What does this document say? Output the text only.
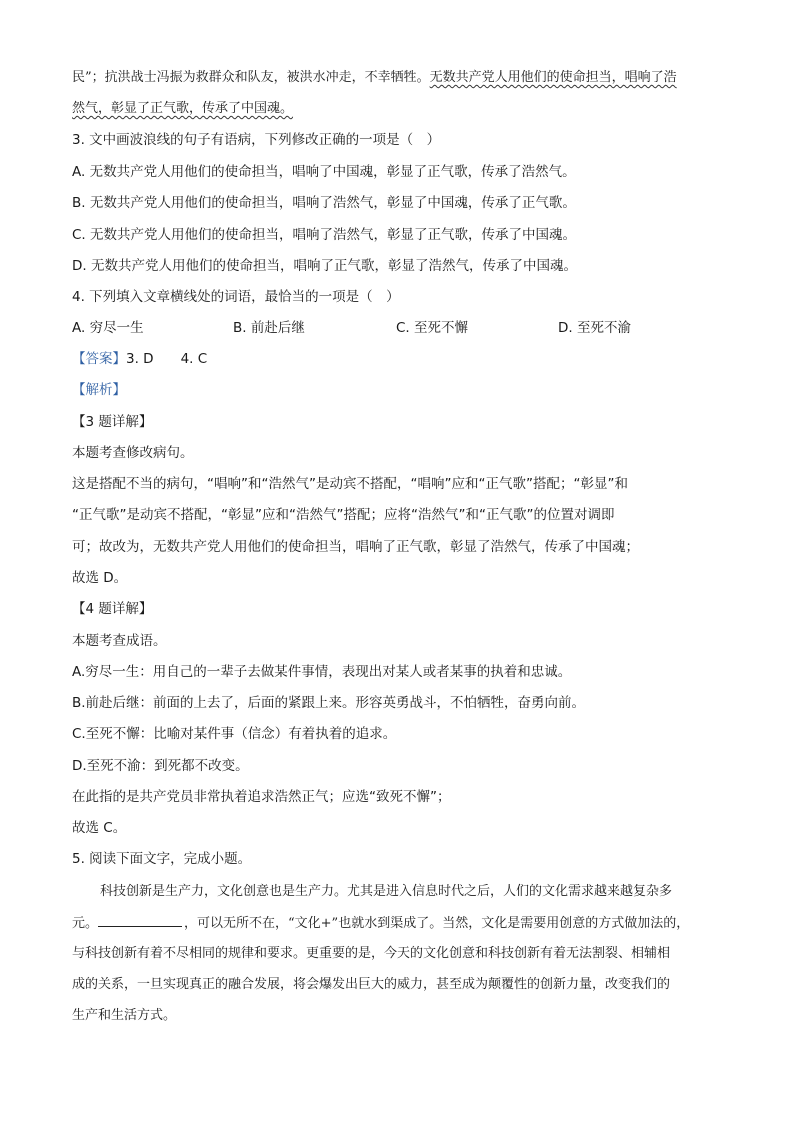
民”；抗洪战士冯振为救群众和队友，被洪水冲走，不幸牺牲。无数共产党人用他们的使命担当，唱响了浩
然气，彰显了正气歌，传承了中国魂。
3. 文中画波浪线的句子有语病，下列修改正确的一项是（　）
A. 无数共产党人用他们的使命担当，唱响了中国魂，彰显了正气歌，传承了浩然气。
B. 无数共产党人用他们的使命担当，唱响了浩然气，彰显了中国魂，传承了正气歌。
C. 无数共产党人用他们的使命担当，唱响了浩然气，彰显了正气歌，传承了中国魂。
D. 无数共产党人用他们的使命担当，唱响了正气歌，彰显了浩然气，传承了中国魂。
4. 下列填入文章横线处的词语，最恰当的一项是（　）
A. 穷尽一生	B. 前赴后继	C. 至死不懈	D. 至死不渝
【答案】3. D　　4. C
【解析】
【3 题详解】
本题考查修改病句。
这是搭配不当的病句，“唱响”和“浩然气”是动宾不搭配，“唱响”应和“正气歌”搭配；“彰显”和
“正气歌”是动宾不搭配，“彰显”应和“浩然气”搭配；应将“浩然气”和“正气歌”的位置对调即
可；故改为，无数共产党人用他们的使命担当，唱响了正气歌，彰显了浩然气，传承了中国魂；
故选 D。
【4 题详解】
本题考查成语。
A.穷尽一生：用自己的一辈子去做某件事情，表现出对某人或者某事的执着和忠诚。
B.前赴后继：前面的上去了，后面的紧跟上来。形容英勇战斗，不怕牺牲，奋勇向前。
C.至死不懈：比喻对某件事（信念）有着执着的追求。
D.至死不渝：到死都不改变。
在此指的是共产党员非常执着追求浩然正气；应选“致死不懈”；
故选 C。
5. 阅读下面文字，完成小题。
科技创新是生产力，文化创意也是生产力。尤其是进入信息时代之后，人们的文化需求越来越复杂多
元。	，可以无所不在，“文化+”也就水到渠成了。当然，文化是需要用创意的方式做加法的，
与科技创新有着不尽相同的规律和要求。更重要的是，今天的文化创意和科技创新有着无法割裂、相辅相
成的关系，一旦实现真正的融合发展，将会爆发出巨大的威力，甚至成为颠覆性的创新力量，改变我们的
生产和生活方式。
